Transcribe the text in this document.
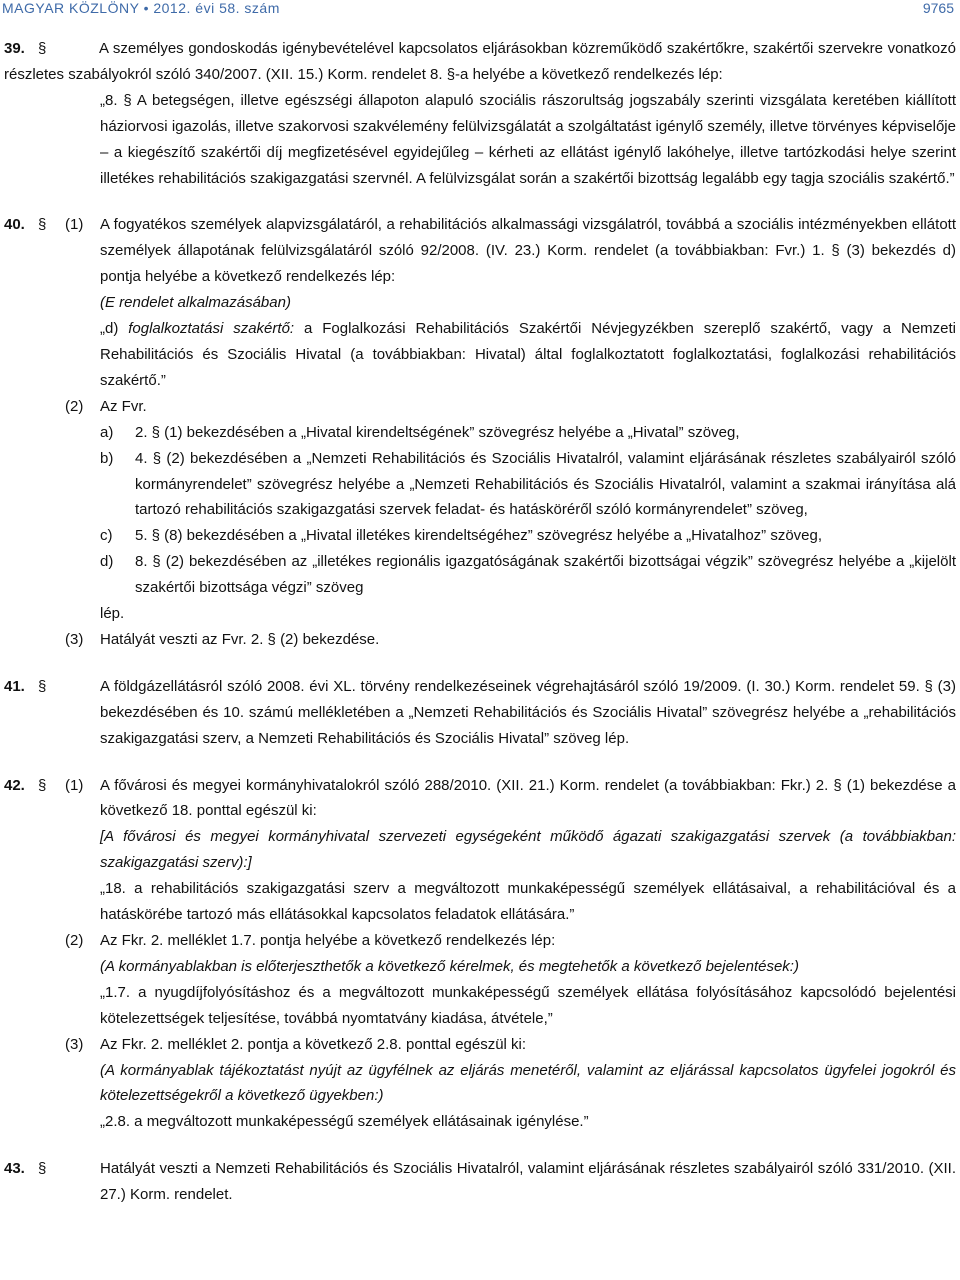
MAGYAR KÖZLÖNY • 2012. évi 58. szám	9765
39. §	A személyes gondoskodás igénybevételével kapcsolatos eljárásokban közreműködő szakértőkre, szakértői szervekre vonatkozó részletes szabályokról szóló 340/2007. (XII. 15.) Korm. rendelet 8. §-a helyébe a következő rendelkezés lép:

„8. § A betegségen, illetve egészségi állapoton alapuló szociális rászorultság jogszabály szerinti vizsgálata keretében kiállított háziorvosi igazolás, illetve szakorvosi szakvélemény felülvizsgálatát a szolgáltatást igénylő személy, illetve törvényes képviselője – a kiegészítő szakértői díj megfizetésével egyidejűleg – kérheti az ellátást igénylő lakóhelye, illetve tartózkodási helye szerint illetékes rehabilitációs szakigazgatási szervnél. A felülvizsgálat során a szakértői bizottság legalább egy tagja szociális szakértő.”

40. § (1) A fogyatékos személyek alapvizsgálatáról, a rehabilitációs alkalmassági vizsgálatról, továbbá a szociális intézményekben ellátott személyek állapotának felülvizsgálatáról szóló 92/2008. (IV. 23.) Korm. rendelet (a továbbiakban: Fvr.) 1. § (3) bekezdés d) pontja helyébe a következő rendelkezés lép:

(E rendelet alkalmazásában)

„d) foglalkoztatási szakértő: a Foglalkozási Rehabilitációs Szakértői Névjegyzékben szereplő szakértő, vagy a Nemzeti Rehabilitációs és Szociális Hivatal (a továbbiakban: Hivatal) által foglalkoztatott foglalkoztatási, foglalkozási rehabilitációs szakértő.”

(2) Az Fvr.

a) 2. § (1) bekezdésében a „Hivatal kirendeltségének” szövegrész helyébe a „Hivatal” szöveg,

b) 4. § (2) bekezdésében a „Nemzeti Rehabilitációs és Szociális Hivatalról, valamint eljárásának részletes szabályairól szóló kormányrendelet” szövegrész helyébe a „Nemzeti Rehabilitációs és Szociális Hivatalról, valamint a szakmai irányítása alá tartozó rehabilitációs szakigazgatási szervek feladat- és hatásköréről szóló kormányrendelet” szöveg,

c) 5. § (8) bekezdésében a „Hivatal illetékes kirendeltségéhez” szövegrész helyébe a „Hivatalhoz” szöveg,

d) 8. § (2) bekezdésében az „illetékes regionális igazgatóságának szakértői bizottságai végzik” szövegrész helyébe a „kijelölt szakértői bizottsága végzi” szöveg

lép.

(3) Hatályát veszti az Fvr. 2. § (2) bekezdése.

41. §	A földgázellátásról szóló 2008. évi XL. törvény rendelkezéseinek végrehajtásáról szóló 19/2009. (I. 30.) Korm. rendelet 59. § (3) bekezdésében és 10. számú mellékletében a „Nemzeti Rehabilitációs és Szociális Hivatal” szövegrész helyébe a „rehabilitációs szakigazgatási szerv, a Nemzeti Rehabilitációs és Szociális Hivatal” szöveg lép.

42. § (1) A fővárosi és megyei kormányhivatalokról szóló 288/2010. (XII. 21.) Korm. rendelet (a továbbiakban: Fkr.) 2. § (1) bekezdése a következő 18. ponttal egészül ki:

[A fővárosi és megyei kormányhivatal szervezeti egységeként működő ágazati szakigazgatási szervek (a továbbiakban: szakigazgatási szerv):]

„18. a rehabilitációs szakigazgatási szerv a megváltozott munkaképességű személyek ellátásaival, a rehabilitációval és a hatáskörébe tartozó más ellátásokkal kapcsolatos feladatok ellátására.”

(2) Az Fkr. 2. melléklet 1.7. pontja helyébe a következő rendelkezés lép:

(A kormányablakban is előterjeszthetők a következő kérelmek, és megtehetők a következő bejelentések:)

„1.7. a nyugdíjfolyósításhoz és a megváltozott munkaképességű személyek ellátása folyósításához kapcsolódó bejelentési kötelezettségek teljesítése, továbbá nyomtatvány kiadása, átvétele,”

(3) Az Fkr. 2. melléklet 2. pontja a következő 2.8. ponttal egészül ki:

(A kormányablak tájékoztatást nyújt az ügyfélnek az eljárás menetéről, valamint az eljárással kapcsolatos ügyfelei jogokról és kötelezettségekről a következő ügyekben:)

„2.8. a megváltozott munkaképességű személyek ellátásainak igénylése.”

43. §	Hatályát veszti a Nemzeti Rehabilitációs és Szociális Hivatalról, valamint eljárásának részletes szabályairól szóló 331/2010. (XII. 27.) Korm. rendelet.
